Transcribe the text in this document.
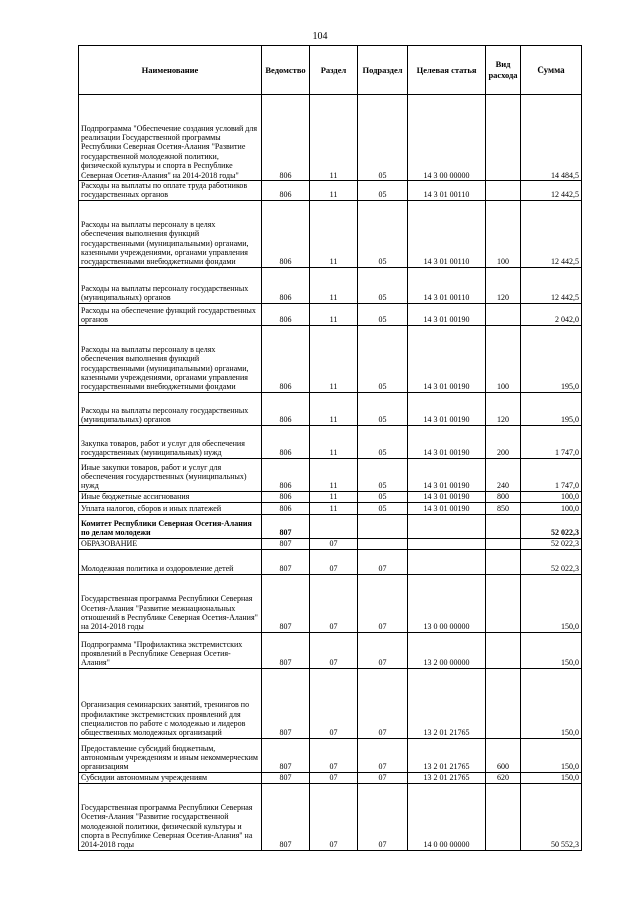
104
Наименование	Ведомство	Раздел	Подраздел	Целевая статья	Вид расхода	Сумма
Подпрограмма "Обеспечение создания условий для реализации Государственной программы Республики Северная Осетия-Алания "Развитие государственной молодежной политики, физической культуры и спорта в Республике Северная Осетия-Алания" на 2014-2018 годы"	806	11	05	14 3 00 00000		14 484,5
Расходы на выплаты по оплате труда работников государственных органов	806	11	05	14 3 01 00110		12 442,5
Расходы на выплаты персоналу в целях обеспечения выполнения функций государственными (муниципальными) органами, казенными учреждениями, органами управления государственными внебюджетными фондами	806	11	05	14 3 01 00110	100	12 442,5
Расходы на выплаты персоналу государственных (муниципальных) органов	806	11	05	14 3 01 00110	120	12 442,5
Расходы на обеспечение функций государственных органов	806	11	05	14 3 01 00190		2 042,0
Расходы на выплаты персоналу в целях обеспечения выполнения функций государственными (муниципальными) органами, казенными учреждениями, органами управления государственными внебюджетными фондами	806	11	05	14 3 01 00190	100	195,0
Расходы на выплаты персоналу государственных (муниципальных) органов	806	11	05	14 3 01 00190	120	195,0
Закупка товаров, работ и услуг для обеспечения государственных (муниципальных) нужд	806	11	05	14 3 01 00190	200	1 747,0
Иные закупки товаров, работ и услуг для обеспечения государственных (муниципальных) нужд	806	11	05	14 3 01 00190	240	1 747,0
Иные бюджетные ассигнования	806	11	05	14 3 01 00190	800	100,0
Уплата налогов, сборов и иных платежей	806	11	05	14 3 01 00190	850	100,0
Комитет Республики Северная Осетия-Алания по делам молодежи	807					52 022,3
ОБРАЗОВАНИЕ	807	07				52 022,3
Молодежная политика и оздоровление детей	807	07	07			52 022,3
Государственная программа Республики Северная Осетия-Алания "Развитие межнациональных отношений в Республике Северная Осетия-Алания" на 2014-2018 годы	807	07	07	13 0 00 00000		150,0
Подпрограмма "Профилактика экстремистских проявлений в Республике Северная Осетия-Алания"	807	07	07	13 2 00 00000		150,0
Организация семинарских занятий, тренингов по профилактике экстремистских проявлений для специалистов по работе с молодежью и лидеров общественных молодежных организаций	807	07	07	13 2 01 21765		150,0
Предоставление субсидий бюджетным, автономным учреждениям и иным некоммерческим организациям	807	07	07	13 2 01 21765	600	150,0
Субсидии автономным учреждениям	807	07	07	13 2 01 21765	620	150,0
Государственная программа Республики Северная Осетия-Алания "Развитие государственной молодежной политики, физической культуры и спорта в Республике Северная Осетия-Алания" на 2014-2018 годы	807	07	07	14 0 00 00000		50 552,3
